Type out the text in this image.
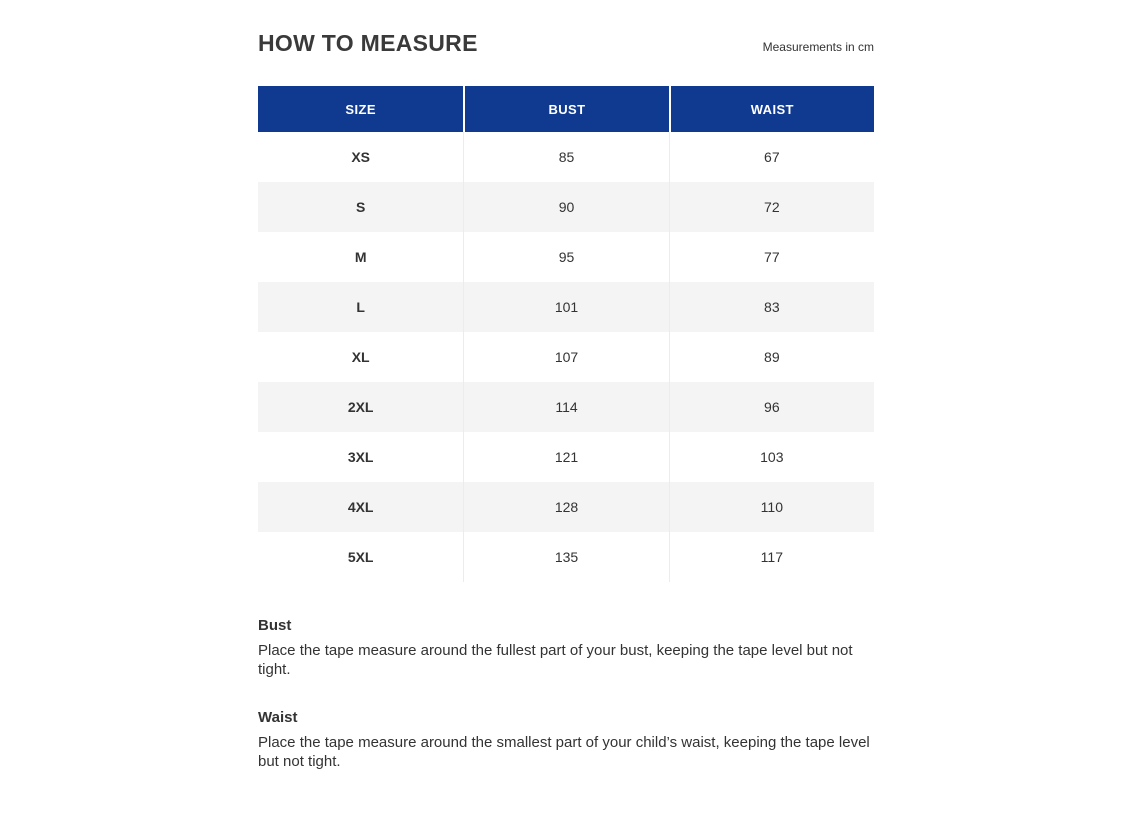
HOW TO MEASURE	Measurements in cm
SIZE	BUST	WAIST
XS	85	67
S	90	72
M	95	77
L	101	83
XL	107	89
2XL	114	96
3XL	121	103
4XL	128	110
5XL	135	117
Bust

Place the tape measure around the fullest part of your bust, keeping the tape level but not tight.

Waist

Place the tape measure around the smallest part of your child’s waist, keeping the tape level but not tight.
